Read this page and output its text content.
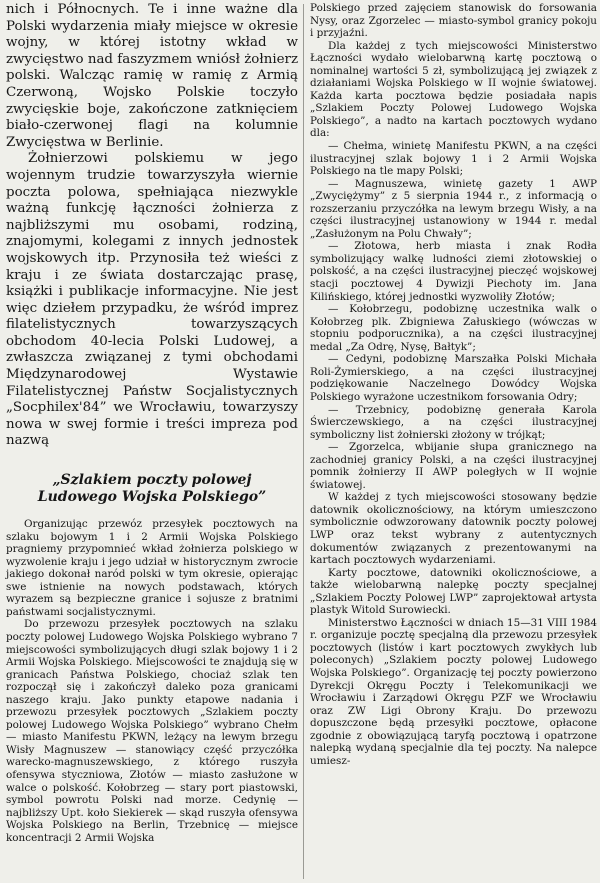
nich i Północnych. Te i inne ważne dla Polski wydarzenia miały miejsce w okresie wojny, w której istotny wkład w zwycięstwo nad faszyzmem wniósł żołnierz polski. Walcząc ramię w ramię z Armią Czerwoną, Wojsko Polskie toczyło zwycięskie boje, zakończone zatknięciem biało-czerwonej flagi na kolumnie Zwycięstwa w Berlinie.

Żołnierzowi polskiemu w jego wojennym trudzie towarzyszyła wiernie poczta polowa, spełniająca niezwykle ważną funkcję łączności żołnierza z najbliższymi mu osobami, rodziną, znajomymi, kolegami z innych jednostek wojskowych itp. Przynosiła też wieści z kraju i ze świata dostarczając prasę, książki i publikacje informacyjne. Nie jest więc dziełem przypadku, że wśród imprez filatelistycznych towarzyszących obchodom 40-lecia Polski Ludowej, a zwłaszcza związanej z tymi obchodami Międzynarodowej Wystawie Filatelistycznej Państw Socjalistycznych „Socphilex'84” we Wrocławiu, towarzyszy nowa w swej formie i treści impreza pod nazwą

„Szlakiem poczty polowej
Ludowego Wojska Polskiego”

Organizując przewóz przesyłek pocztowych na szlaku bojowym 1 i 2 Armii Wojska Polskiego pragniemy przypomnieć wkład żołnierza polskiego w wyzwolenie kraju i jego udział w historycznym zwrocie jakiego dokonał naród polski w tym okresie, opierając swe istnienie na nowych podstawach, których wyrazem są bezpieczne granice i sojusze z bratnimi państwami socjalistycznymi.

Do przewozu przesyłek pocztowych na szlaku poczty polowej Ludowego Wojska Polskiego wybrano 7 miejscowości symbolizujących długi szlak bojowy 1 i 2 Armii Wojska Polskiego. Miejscowości te znajdują się w granicach Państwa Polskiego, chociaż szlak ten rozpoczął się i zakończył daleko poza granicami naszego kraju. Jako punkty etapowe nadania i przewozu przesyłek pocztowych „Szlakiem poczty polowej Ludowego Wojska Polskiego” wybrano Chełm — miasto Manifestu PKWN, leżący na lewym brzegu Wisły Magnuszew — stanowiący część przyczółka warecko-magnuszewskiego, z którego ruszyła ofensywa styczniowa, Złotów — miasto zasłużone w walce o polskość. Kołobrzeg — stary port piastowski, symbol powrotu Polski nad morze. Cedynię — najbliższy Upt. koło Siekierek — skąd ruszyła ofensywa Wojska Polskiego na Berlin, Trzebnicę — miejsce koncentracji 2 Armii Wojska

Polskiego przed zajęciem stanowisk do forsowania Nysy, oraz Zgorzelec — miasto-symbol granicy pokoju i przyjaźni.

Dla każdej z tych miejscowości Ministerstwo Łączności wydało wielobarwną kartę pocztową o nominalnej wartości 5 zł, symbolizującą jej związek z działaniami Wojska Polskiego w II wojnie światowej. Każda karta pocztowa będzie posiadała napis „Szlakiem Poczty Polowej Ludowego Wojska Polskiego”, a nadto na kartach pocztowych wydano dla:

— Chełma, winietę Manifestu PKWN, a na części ilustracyjnej szlak bojowy 1 i 2 Armii Wojska Polskiego na tle mapy Polski;

— Magnuszewa, winietę gazety 1 AWP „Zwyciężymy” z 5 sierpnia 1944 r., z informacją o rozszerzaniu przyczółka na lewym brzegu Wisły, a na części ilustracyjnej ustanowiony w 1944 r. medal „Zasłużonym na Polu Chwały”;

— Złotowa, herb miasta i znak Rodła symbolizujący walkę ludności ziemi złotowskiej o polskość, a na części ilustracyjnej pieczęć wojskowej stacji pocztowej 4 Dywizji Piechoty im. Jana Kilińskiego, której jednostki wyzwoliły Złotów;

— Kołobrzegu, podobiznę uczestnika walk o Kołobrzeg plk. Zbigniewa Załuskiego (wówczas w stopniu podporucznika), a na części ilustracyjnej medal „Za Odrę, Nysę, Bałtyk”;

— Cedyni, podobiznę Marszałka Polski Michała Roli-Żymierskiego, a na części ilustracyjnej podziękowanie Naczelnego Dowódcy Wojska Polskiego wyrażone uczestnikom forsowania Odry;

— Trzebnicy, podobiznę generała Karola Świerczewskiego, a na części ilustracyjnej symboliczny list żołnierski złożony w trójkąt;

— Zgorzelca, wbijanie słupa granicznego na zachodniej granicy Polski, a na części ilustracyjnej pomnik żołnierzy II AWP poległych w II wojnie światowej.

W każdej z tych miejscowości stosowany będzie datownik okolicznościowy, na którym umieszczono symbolicznie odwzorowany datownik poczty polowej LWP oraz tekst wybrany z autentycznych dokumentów związanych z prezentowanymi na kartach pocztowych wydarzeniami.

Karty pocztowe, datowniki okolicznościowe, a także wielobarwną nalepkę poczty specjalnej „Szlakiem Poczty Polowej LWP” zaprojektował artysta plastyk Witold Surowiecki.

Ministerstwo Łączności w dniach 15—31 VIII 1984 r. organizuje pocztę specjalną dla przewozu przesyłek pocztowych (listów i kart pocztowych zwykłych lub poleconych) „Szlakiem poczty polowej Ludowego Wojska Polskiego”. Organizację tej poczty powierzono Dyrekcji Okręgu Poczty i Telekomunikacji we Wrocławiu i Zarządowi Okręgu PZF we Wrocławiu oraz ZW Ligi Obrony Kraju. Do przewozu dopuszczone będą przesyłki pocztowe, opłacone zgodnie z obowiązującą taryfą pocztową i opatrzone nalepką wydaną specjalnie dla tej poczty. Na nalepce umiesz-
